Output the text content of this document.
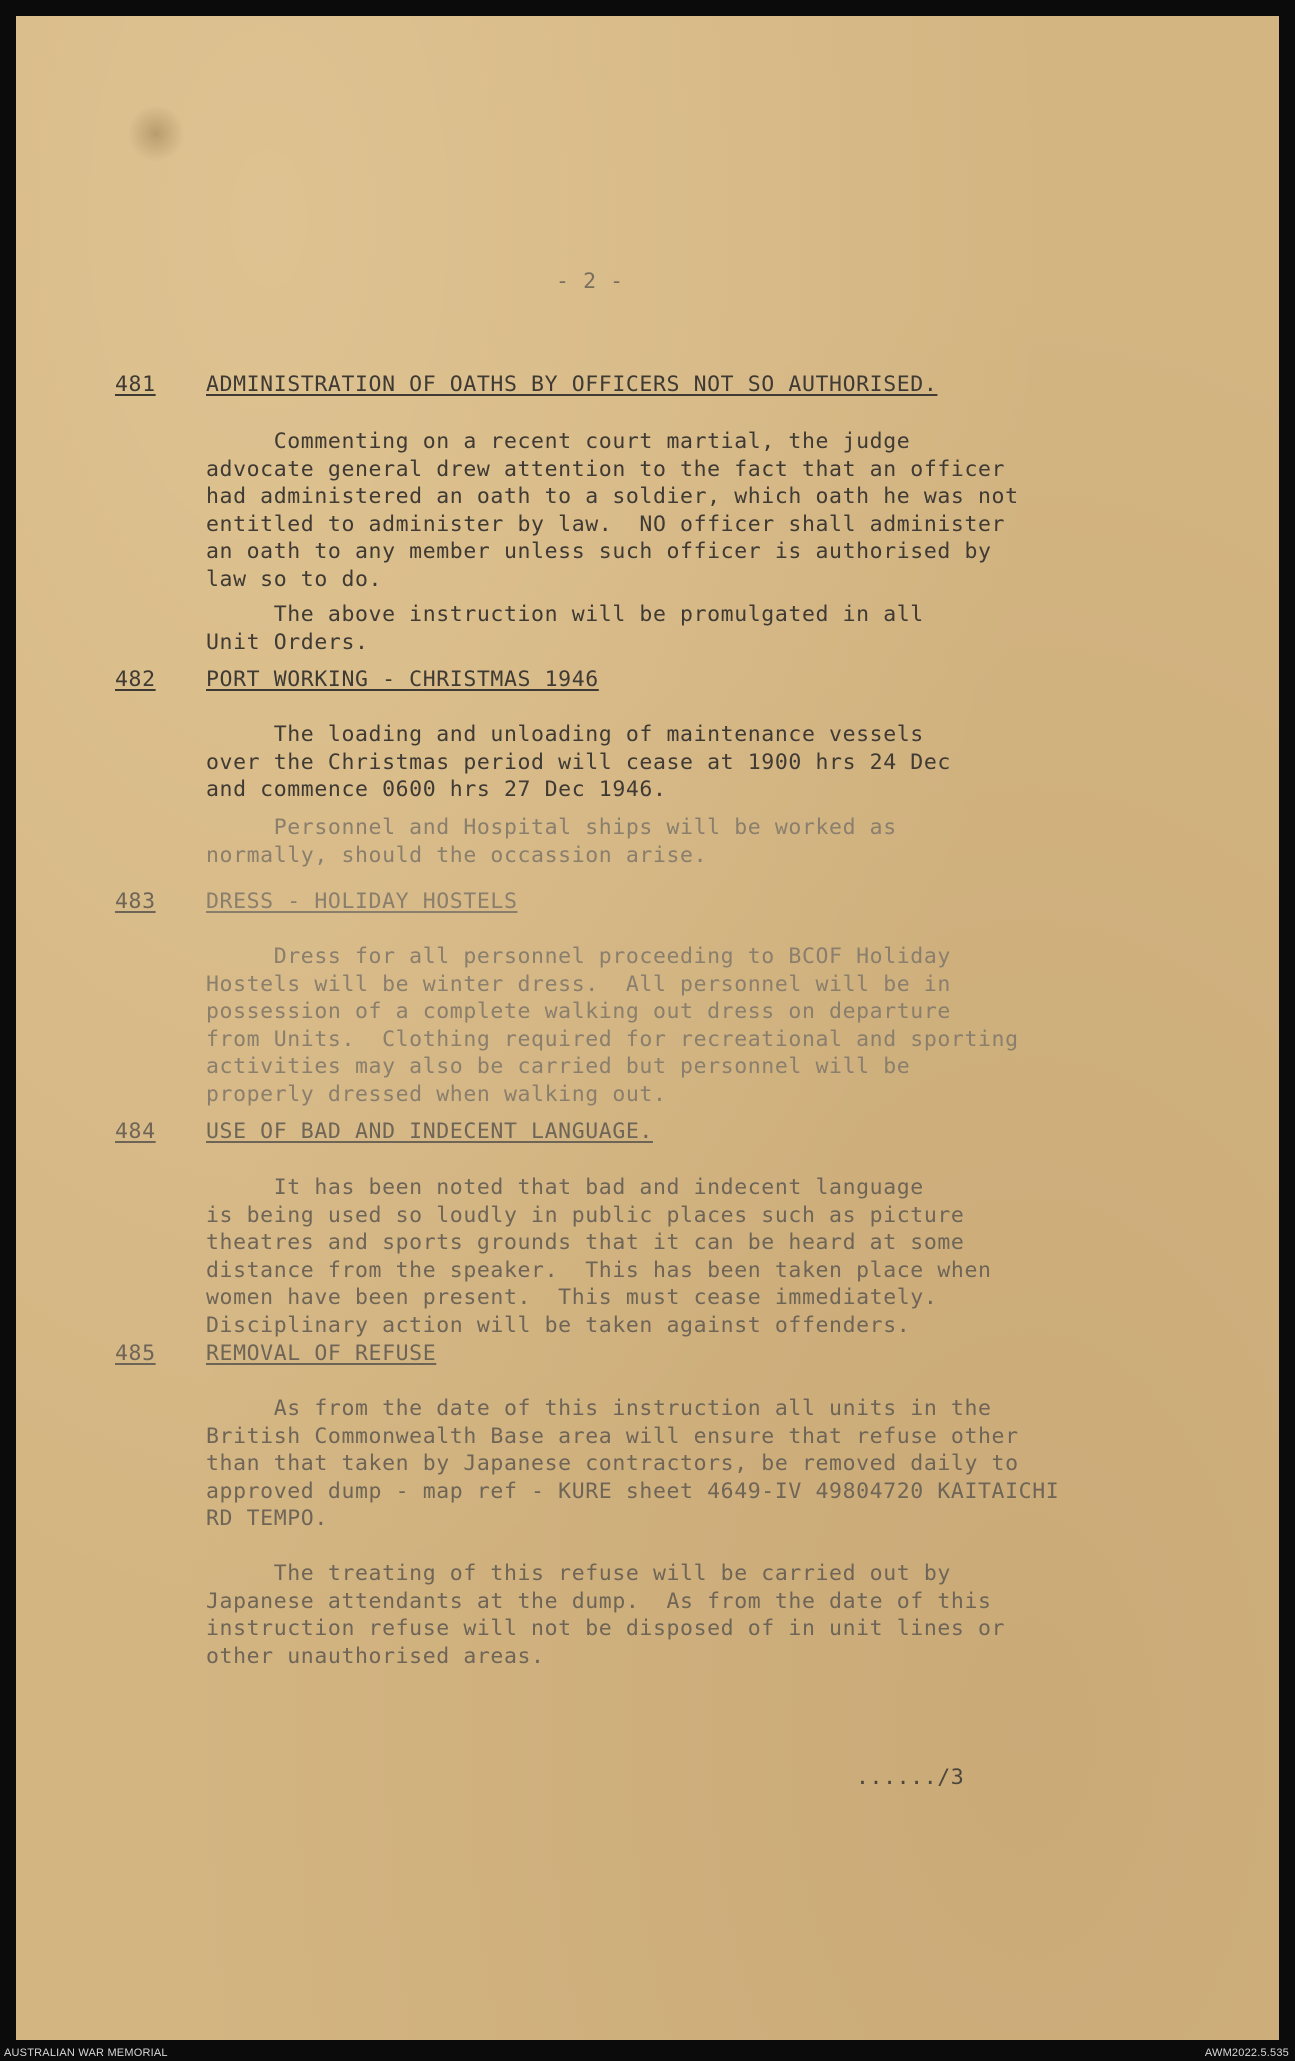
- 2 -

481 ADMINISTRATION OF OATHS BY OFFICERS NOT SO AUTHORISED.

Commenting on a recent court martial, the judge
advocate general drew attention to the fact that an officer
had administered an oath to a soldier, which oath he was not
entitled to administer by law.  NO officer shall administer
an oath to any member unless such officer is authorised by
law so to do.

The above instruction will be promulgated in all
Unit Orders.

482 PORT WORKING - CHRISTMAS 1946

The loading and unloading of maintenance vessels
over the Christmas period will cease at 1900 hrs 24 Dec
and commence 0600 hrs 27 Dec 1946.

Personnel and Hospital ships will be worked as
normally, should the occassion arise.

483 DRESS - HOLIDAY HOSTELS

Dress for all personnel proceeding to BCOF Holiday
Hostels will be winter dress.  All personnel will be in
possession of a complete walking out dress on departure
from Units.  Clothing required for recreational and sporting
activities may also be carried but personnel will be
properly dressed when walking out.

484 USE OF BAD AND INDECENT LANGUAGE.

It has been noted that bad and indecent language
is being used so loudly in public places such as picture
theatres and sports grounds that it can be heard at some
distance from the speaker.  This has been taken place when
women have been present.  This must cease immediately.
Disciplinary action will be taken against offenders.

485 REMOVAL OF REFUSE

As from the date of this instruction all units in the
British Commonwealth Base area will ensure that refuse other
than that taken by Japanese contractors, be removed daily to
approved dump - map ref - KURE sheet 4649-IV 49804720 KAITAICHI
RD TEMPO.

The treating of this refuse will be carried out by
Japanese attendants at the dump.  As from the date of this
instruction refuse will not be disposed of in unit lines or
other unauthorised areas.

....../3

AUSTRALIAN WAR MEMORIAL	AWM2022.5.535
